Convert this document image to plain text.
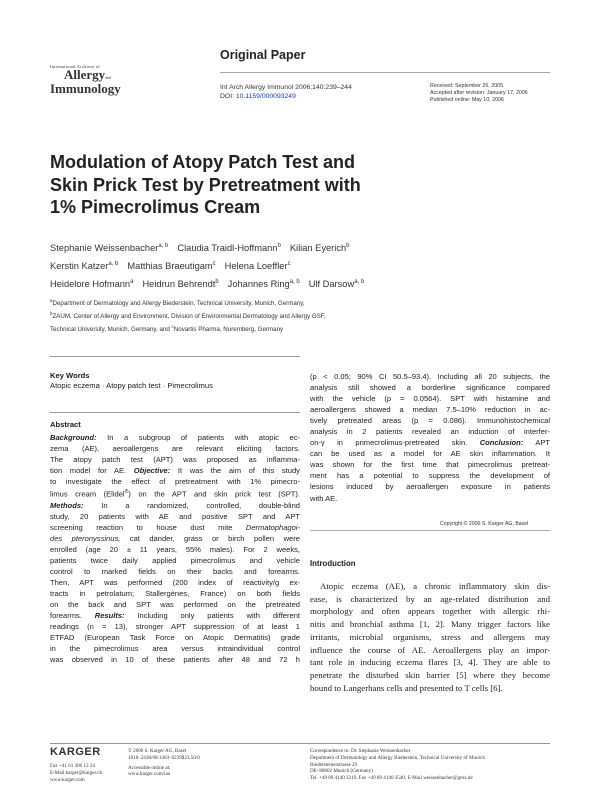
Original Paper
International Archives of
Allergyand
Immunology	Int Arch Allergy Immunol 2006;140:239–244
DOI: 10.1159/000093249
Received: September 26, 2005
Accepted after revision: January 17, 2006
Published online: May 10, 2006
Modulation of Atopy Patch Test and
Skin Prick Test by Pretreatment with
1% Pimecrolimus Cream
Stephanie Weissenbacher$^{a, b}$ Claudia Traidl-Hoffmann$^b$ Kilian Eyerich$^b$
Kerstin Katzer$^{a, b}$ Matthias Braeutigam$^c$ Helena Loeffler$^c$
Heidelore Hofmann$^a$ Heidrun Behrendt$^b$ Johannes Ring$^{a, b}$ Ulf Darsow$^{a, b}$
$^a$Department of Dermatology and Allergy Biederstein, Technical University, Munich, Germany,
$^b$ZAUM, Center of Allergy and Environment, Division of Environmental Dermatology and Allergy GSF,
Technical University, Munich, Germany, and $^c$Novartis Pharma, Nuremberg, Germany
Key Words
Atopic eczema · Atopy patch test · Pimecrolimus
Abstract
Background: In a subgroup of patients with atopic ec-
zema (AE), aeroallergens are relevant eliciting factors.
The atopy patch test (APT) was proposed as inflamma-
tion model for AE. Objective: It was the aim of this study
to investigate the effect of pretreatment with 1% pimecro-
limus cream (Elidel®) on the APT and skin prick test (SPT).
Methods: In a randomized, controlled, double-blind
study, 20 patients with AE and positive SPT and APT
screening reaction to house dust mite Dermatophagoi-
des pteronyssinus, cat dander, grass or birch pollen were
enrolled (age 20 ± 11 years, 55% males). For 2 weeks,
patients twice daily applied pimecrolimus and vehicle
control to marked fields on their backs and forearms.
Then, APT was performed (200 index of reactivity/g ex-
tracts in petrolatum; Stallergènes, France) on both fields
on the back and SPT was performed on the pretreated
forearms. Results: Including only patients with different
readings (n = 13), stronger APT suppression of at least 1
ETFAD (European Task Force on Atopic Dermatitis) grade
in the pimecrolimus area versus intraindividual control
was observed in 10 of these patients after 48 and 72 h
(p < 0.05; 90% CI 50.5–93.4). Including all 20 subjects, the
analysis still showed a borderline significance compared
with the vehicle (p = 0.0564). SPT with histamine and
aeroallergens showed a median 7.5–10% reduction in ac-
tively pretreated areas (p = 0.086). Immunohistochemical
analysis in 2 patients revealed an induction of interfer-
on-γ in primecrolimus-pretreated skin. Conclusion: APT
can be used as a model for AE skin inflammation. It
was shown for the first time that pimecrolimus pretreat-
ment has a potential to suppress the development of
lesions induced by aeroallergen exposure in patients
with AE.
Copyright © 2006 S. Karger AG, Basel
Introduction
Atopic eczema (AE), a chronic inflammatory skin dis-
ease, is characterized by an age-related distribution and
morphology and often appears together with allergic rhi-
nitis and bronchial asthma [1, 2]. Many trigger factors like
irritants, microbial organisms, stress and allergens may
influence the course of AE. Aeroallergens play an impor-
tant role in inducing eczema flares [3, 4]. They are able to
penetrate the disturbed skin barrier [5] where they become
bound to Langerhans cells and presented to T cells [6].
KARGER
Fax +41 61 306 12 34
E-Mail karger@karger.ch
www.karger.com
© 2006 S. Karger AG, Basel
1018–2438/06/1403–0239$23.50/0
Accessible online at:
www.karger.com/iaa
Correspondence to: Dr. Stephanie Weissenbacher
Department of Dermatology and Allergy Biederstein, Technical University of Munich
Biedersteinerstrasse 29
DE–80802 Munich (Germany)
Tel. +49 89 4140 3219, Fax +49 89 4140 3540, E-Mail weissenbacher@gmx.de
